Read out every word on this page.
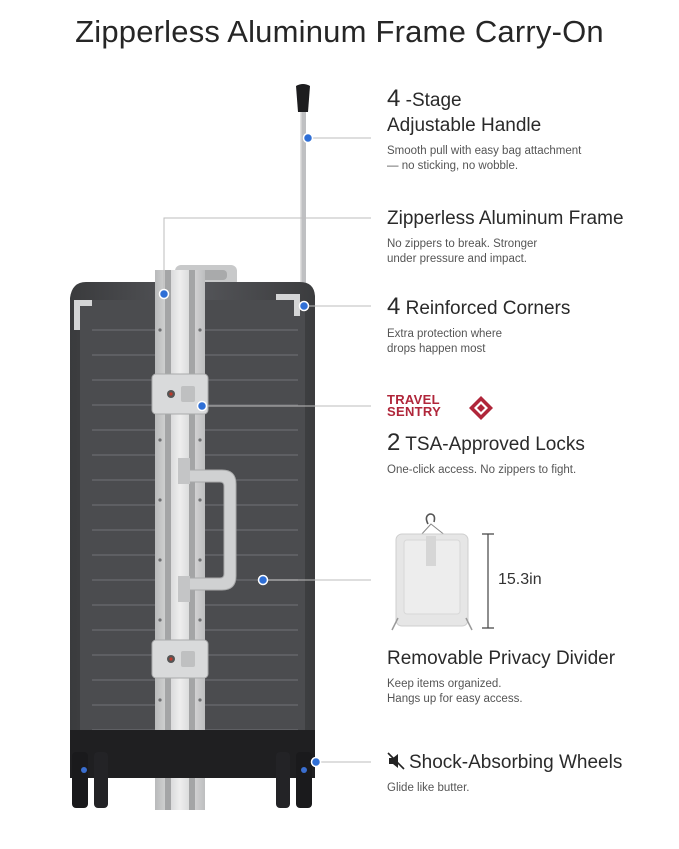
Zipperless Aluminum Frame Carry-On
4 -Stage
Adjustable Handle
Smooth pull with easy bag attachment
— no sticking, no wobble.
Zipperless Aluminum Frame
No zippers to break. Stronger
under pressure and impact.
4 Reinforced Corners
Extra protection where
drops happen most
TRAVEL
SENTRY
2 TSA-Approved Locks
One-click access. No zippers to fight.
15.3in
Removable Privacy Divider
Keep items organized.
Hangs up for easy access.
Shock-Absorbing Wheels
Glide like butter.
